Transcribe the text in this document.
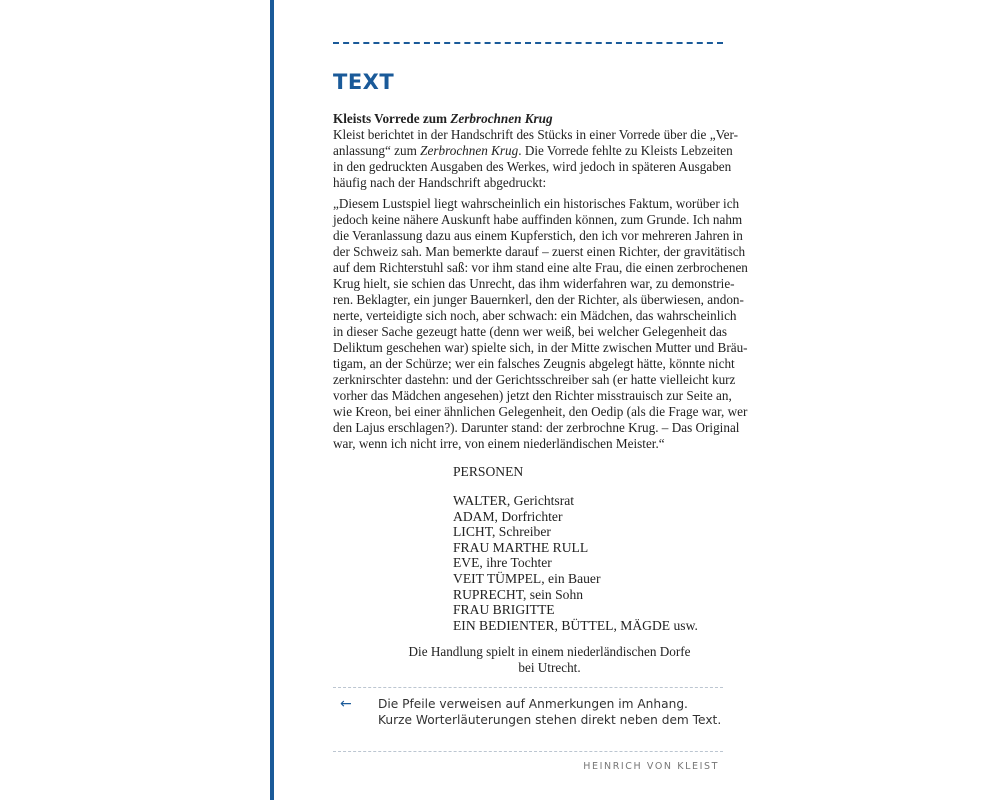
TEXT
Kleists Vorrede zum Zerbrochnen Krug
Kleist berichtet in der Handschrift des Stücks in einer Vorrede über die „Ver-
anlassung“ zum Zerbrochnen Krug. Die Vorrede fehlte zu Kleists Lebzeiten
in den gedruckten Ausgaben des Werkes, wird jedoch in späteren Ausgaben
häufig nach der Handschrift abgedruckt:
„Diesem Lustspiel liegt wahrscheinlich ein historisches Faktum, worüber ich
jedoch keine nähere Auskunft habe auffinden können, zum Grunde. Ich nahm
die Veranlassung dazu aus einem Kupferstich, den ich vor mehreren Jahren in
der Schweiz sah. Man bemerkte darauf – zuerst einen Richter, der gravitätisch
auf dem Richterstuhl saß: vor ihm stand eine alte Frau, die einen zerbrochenen
Krug hielt, sie schien das Unrecht, das ihm widerfahren war, zu demonstrie-
ren. Beklagter, ein junger Bauernkerl, den der Richter, als überwiesen, andon-
nerte, verteidigte sich noch, aber schwach: ein Mädchen, das wahrscheinlich
in dieser Sache gezeugt hatte (denn wer weiß, bei welcher Gelegenheit das
Deliktum geschehen war) spielte sich, in der Mitte zwischen Mutter und Bräu-
tigam, an der Schürze; wer ein falsches Zeugnis abgelegt hätte, könnte nicht
zerknirschter dastehn: und der Gerichtsschreiber sah (er hatte vielleicht kurz
vorher das Mädchen angesehen) jetzt den Richter misstrauisch zur Seite an,
wie Kreon, bei einer ähnlichen Gelegenheit, den Oedip (als die Frage war, wer
den Lajus erschlagen?). Darunter stand: der zerbrochne Krug. – Das Original
war, wenn ich nicht irre, von einem niederländischen Meister.“
PERSONEN
WALTER, Gerichtsrat
ADAM, Dorfrichter
LICHT, Schreiber
FRAU MARTHE RULL
EVE, ihre Tochter
VEIT TÜMPEL, ein Bauer
RUPRECHT, sein Sohn
FRAU BRIGITTE
EIN BEDIENTER, BÜTTEL, MÄGDE usw.
Die Handlung spielt in einem niederländischen Dorfe
bei Utrecht.
← Die Pfeile verweisen auf Anmerkungen im Anhang.
Kurze Worterläuterungen stehen direkt neben dem Text.
HEINRICH VON KLEIST
